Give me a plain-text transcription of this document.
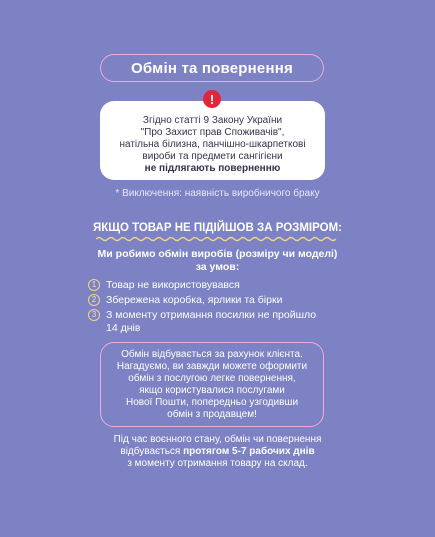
Обмін та повернення
!
Згідно статті 9 Закону України
"Про Захист прав Споживачів",
натільна білизна, панчішно-шкарпеткові
вироби та предмети сангігієни
не підлягають поверненню
* Виключення: наявність виробничого браку
ЯКЩО ТОВАР НЕ ПІДІЙШОВ ЗА РОЗМІРОМ:
Ми робимо обмін виробів (розміру чи моделі)
за умов:
1 Товар не використовувався
2 Збережена коробка, ярлики та бірки
3 З моменту отримання посилки не пройшло
14 днів
Обмін відбувається за рахунок клієнта.
Нагадуємо, ви завжди можете оформити
обмін з послугою легке повернення,
якщо користувалися послугами
Нової Пошти, попередньо узгодивши
обмін з продавцем!
Під час воєнного стану, обмін чи повернення
відбувається протягом 5-7 рабочих днів
з моменту отримання товару на склад.
